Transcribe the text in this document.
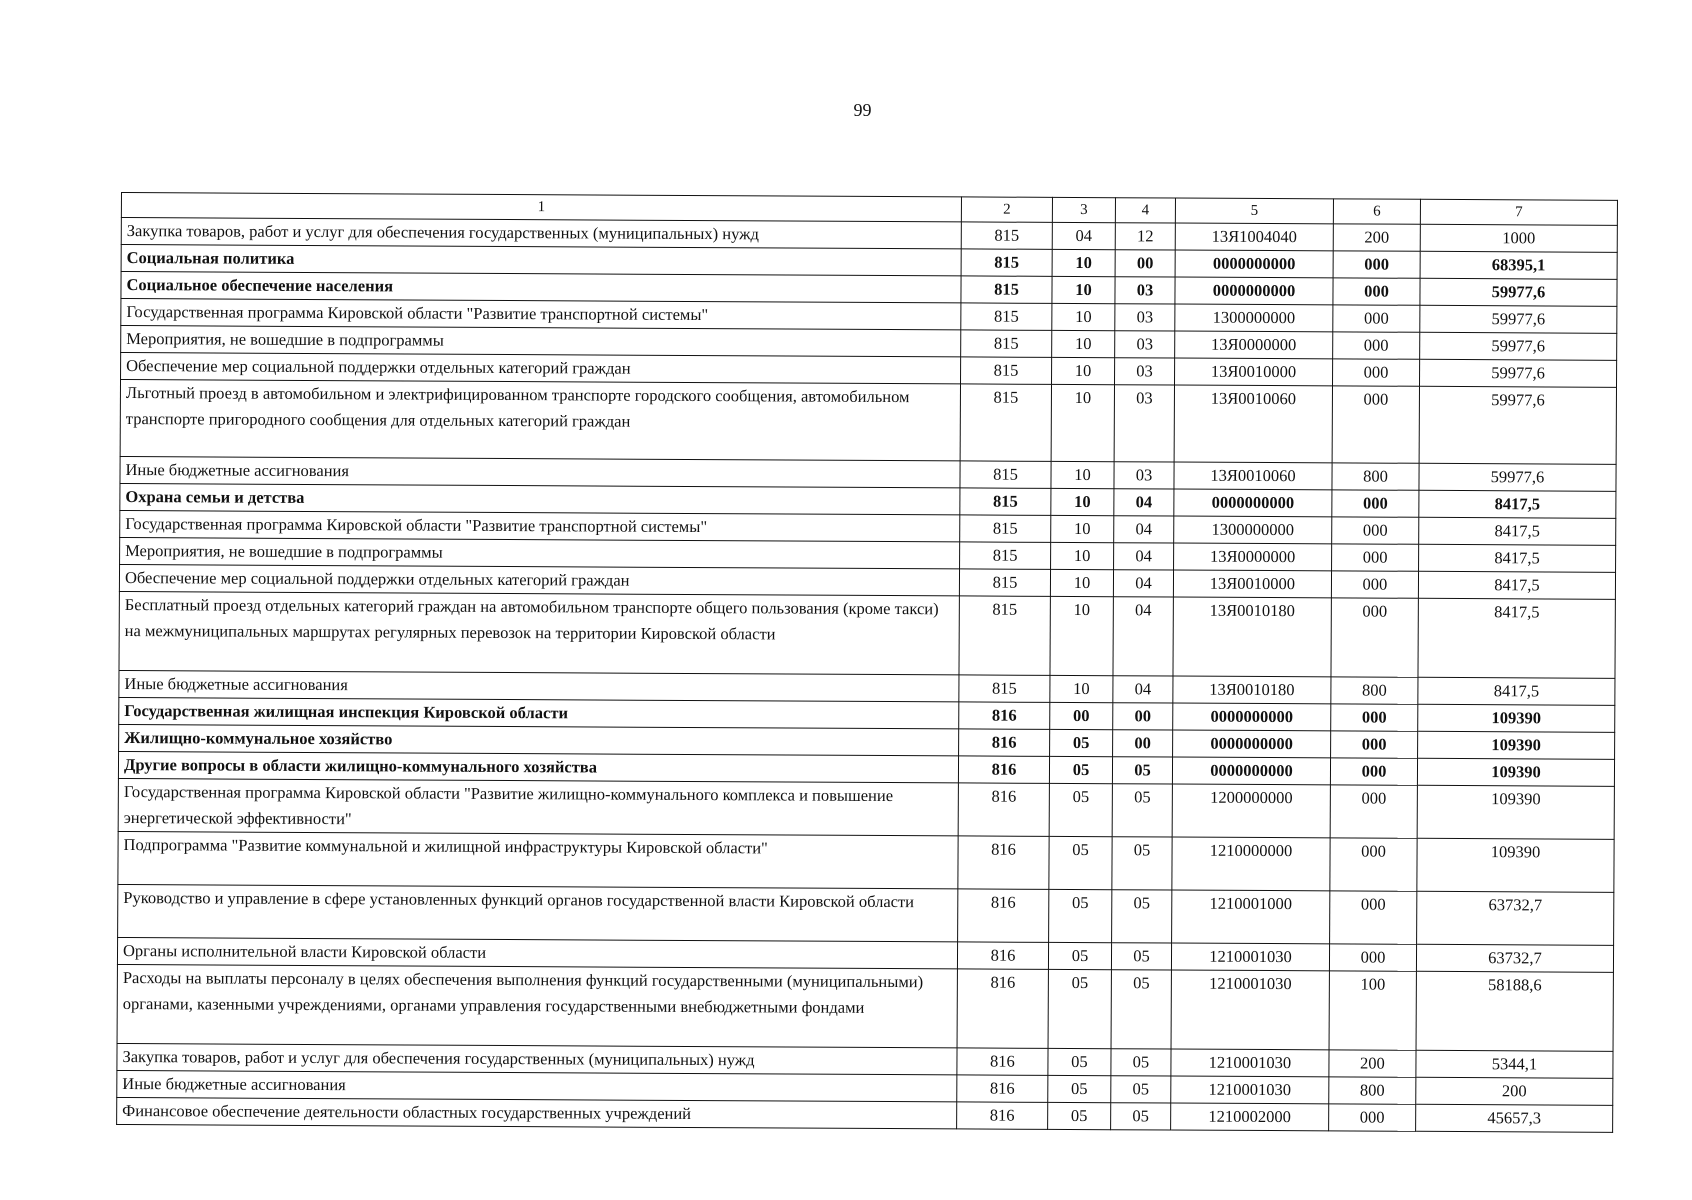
99
1	2	3	4	5	6	7
Закупка товаров, работ и услуг для обеспечения государственных (муниципальных) нужд	815	04	12	13Я1004040	200	1000
Социальная политика	815	10	00	0000000000	000	68395,1
Социальное обеспечение населения	815	10	03	0000000000	000	59977,6
Государственная программа Кировской области "Развитие транспортной системы"	815	10	03	1300000000	000	59977,6
Мероприятия, не вошедшие в подпрограммы	815	10	03	13Я0000000	000	59977,6
Обеспечение мер социальной поддержки отдельных категорий граждан	815	10	03	13Я0010000	000	59977,6
Льготный проезд в автомобильном и электрифицированном транспорте городского сообщения, автомобильном транспорте пригородного сообщения для отдельных категорий граждан	815	10	03	13Я0010060	000	59977,6
Иные бюджетные ассигнования	815	10	03	13Я0010060	800	59977,6
Охрана семьи и детства	815	10	04	0000000000	000	8417,5
Государственная программа Кировской области "Развитие транспортной системы"	815	10	04	1300000000	000	8417,5
Мероприятия, не вошедшие в подпрограммы	815	10	04	13Я0000000	000	8417,5
Обеспечение мер социальной поддержки отдельных категорий граждан	815	10	04	13Я0010000	000	8417,5
Бесплатный проезд отдельных категорий граждан на автомобильном транспорте общего пользования (кроме такси) на межмуниципальных маршрутах регулярных перевозок на территории Кировской области	815	10	04	13Я0010180	000	8417,5
Иные бюджетные ассигнования	815	10	04	13Я0010180	800	8417,5
Государственная жилищная инспекция Кировской области	816	00	00	0000000000	000	109390
Жилищно-коммунальное хозяйство	816	05	00	0000000000	000	109390
Другие вопросы в области жилищно-коммунального хозяйства	816	05	05	0000000000	000	109390
Государственная программа Кировской области "Развитие жилищно-коммунального комплекса и повышение энергетической эффективности"	816	05	05	1200000000	000	109390
Подпрограмма "Развитие коммунальной и жилищной инфраструктуры Кировской области"	816	05	05	1210000000	000	109390
Руководство и управление в сфере установленных функций органов государственной власти Кировской области	816	05	05	1210001000	000	63732,7
Органы исполнительной власти Кировской области	816	05	05	1210001030	000	63732,7
Расходы на выплаты персоналу в целях обеспечения выполнения функций государственными (муниципальными) органами, казенными учреждениями, органами управления государственными внебюджетными фондами	816	05	05	1210001030	100	58188,6
Закупка товаров, работ и услуг для обеспечения государственных (муниципальных) нужд	816	05	05	1210001030	200	5344,1
Иные бюджетные ассигнования	816	05	05	1210001030	800	200
Финансовое обеспечение деятельности областных государственных учреждений	816	05	05	1210002000	000	45657,3
